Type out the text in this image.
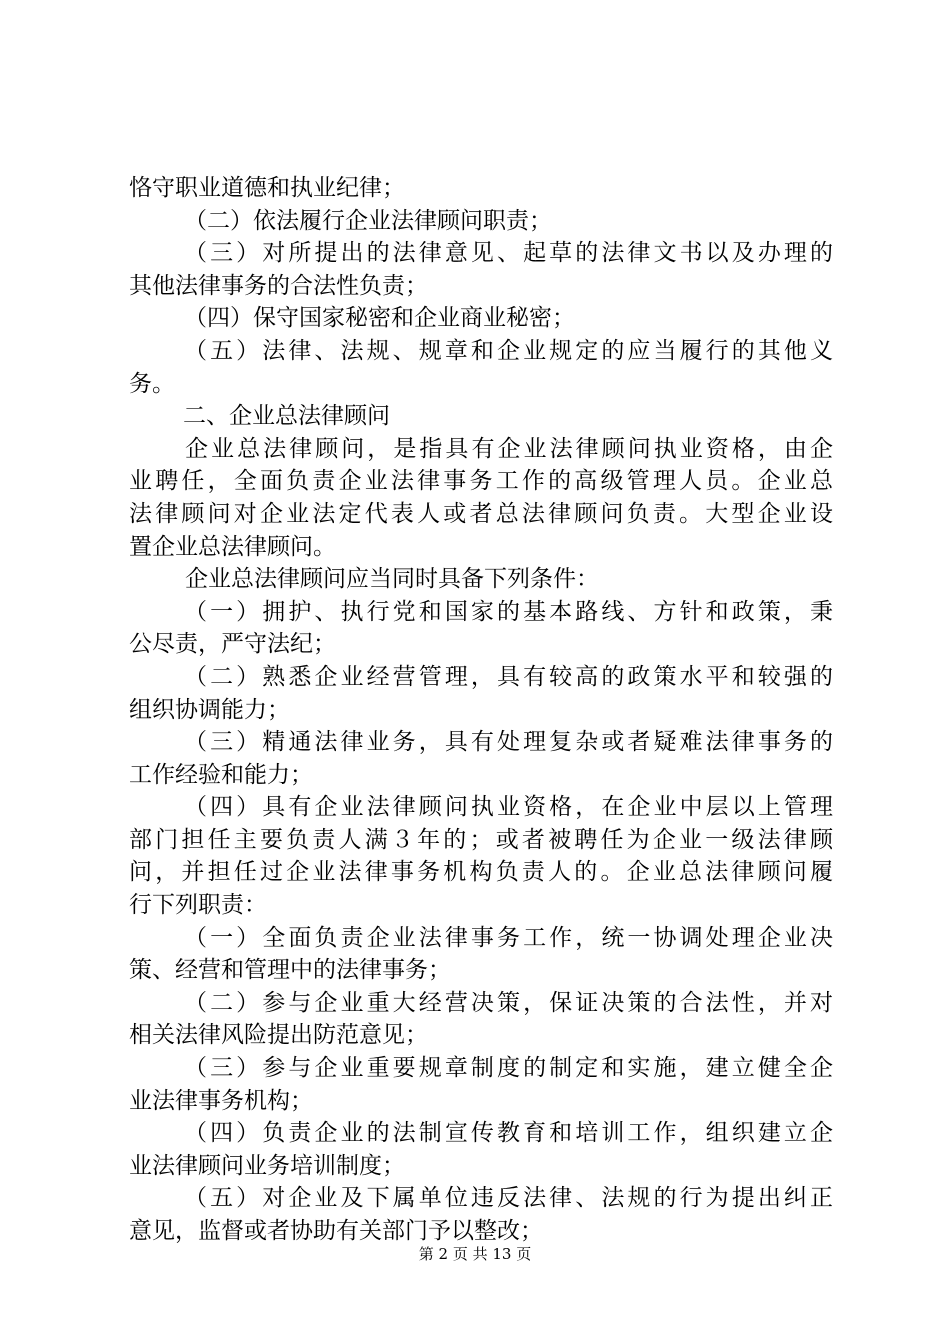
恪守职业道德和执业纪律；
（二）依法履行企业法律顾问职责；
（三）对所提出的法律意见、起草的法律文书以及办理的
其他法律事务的合法性负责；
（四）保守国家秘密和企业商业秘密；
（五）法律、法规、规章和企业规定的应当履行的其他义
务。
二、企业总法律顾问
企业总法律顾问，是指具有企业法律顾问执业资格，由企
业聘任，全面负责企业法律事务工作的高级管理人员。企业总
法律顾问对企业法定代表人或者总法律顾问负责。大型企业设
置企业总法律顾问。
企业总法律顾问应当同时具备下列条件：
（一）拥护、执行党和国家的基本路线、方针和政策，秉
公尽责，严守法纪；
（二）熟悉企业经营管理，具有较高的政策水平和较强的
组织协调能力；
（三）精通法律业务，具有处理复杂或者疑难法律事务的
工作经验和能力；
（四）具有企业法律顾问执业资格，在企业中层以上管理
部门担任主要负责人满３年的；或者被聘任为企业一级法律顾
问，并担任过企业法律事务机构负责人的。企业总法律顾问履
行下列职责：
（一）全面负责企业法律事务工作，统一协调处理企业决
策、经营和管理中的法律事务；
（二）参与企业重大经营决策，保证决策的合法性，并对
相关法律风险提出防范意见；
（三）参与企业重要规章制度的制定和实施，建立健全企
业法律事务机构；
（四）负责企业的法制宣传教育和培训工作，组织建立企
业法律顾问业务培训制度；
（五）对企业及下属单位违反法律、法规的行为提出纠正
意见，监督或者协助有关部门予以整改；
第 2 页 共 13 页
